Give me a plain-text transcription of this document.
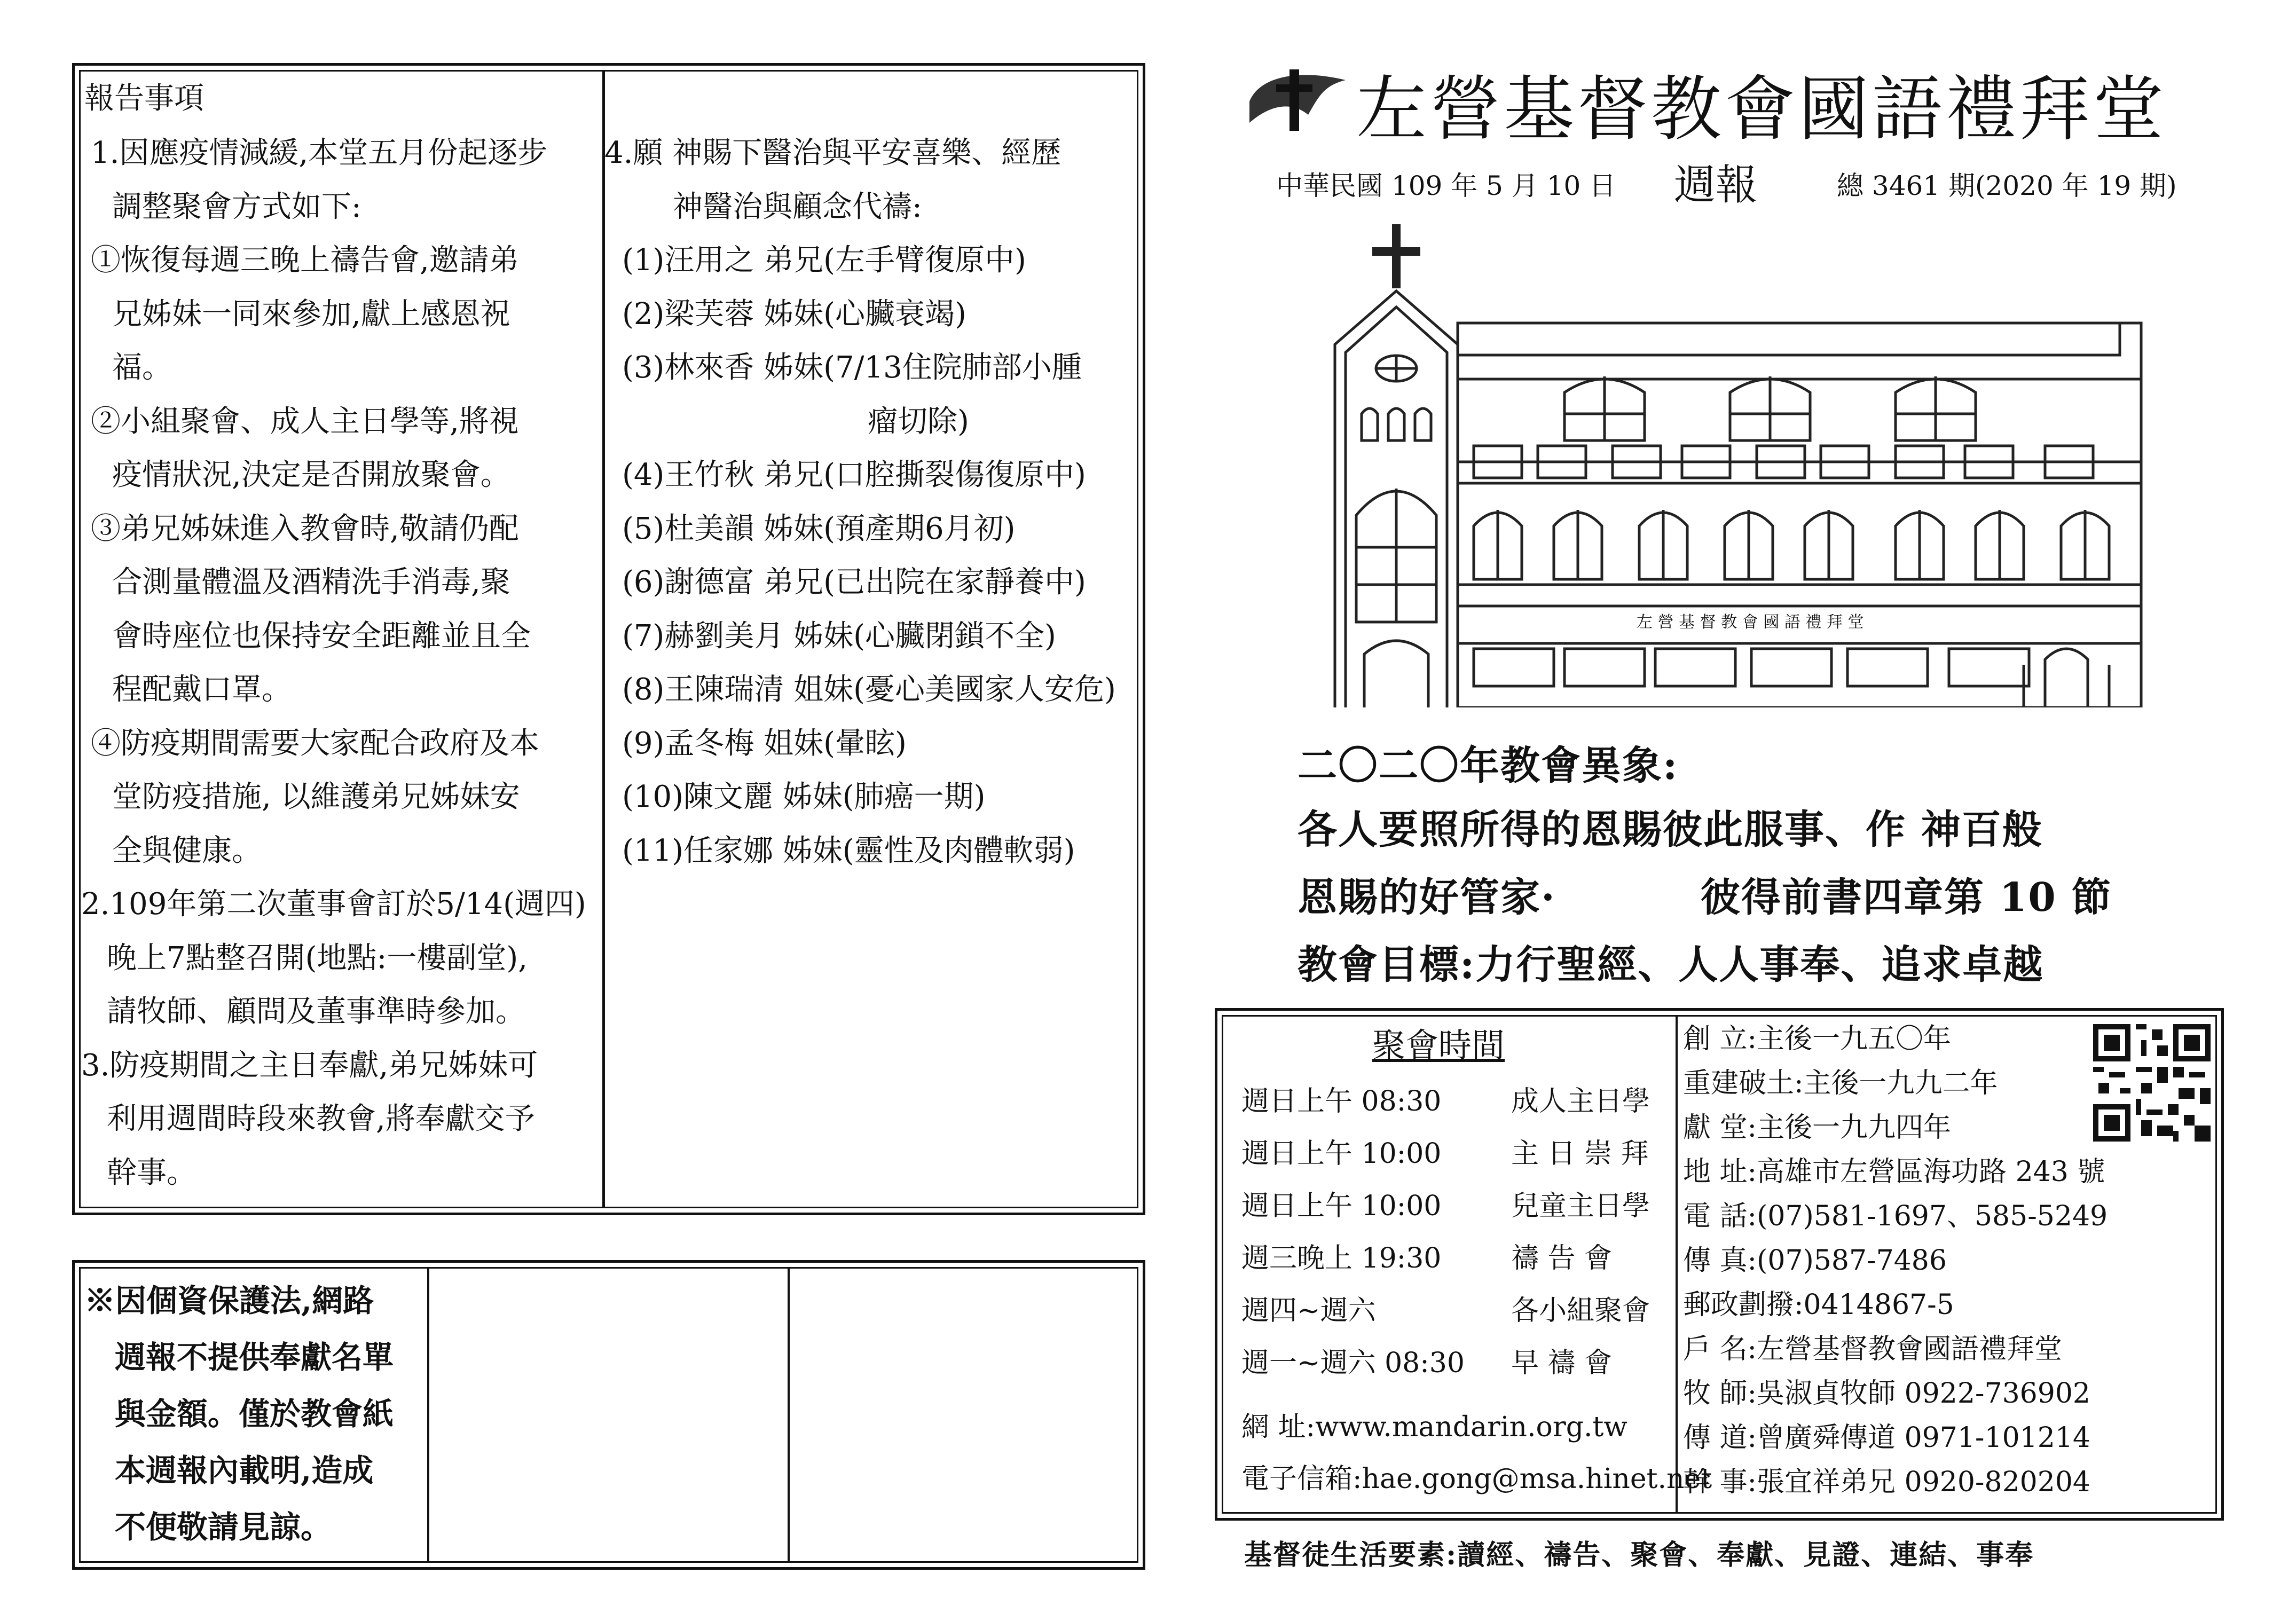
報告事項
1.因應疫情減緩,本堂五月份起逐步
調整聚會方式如下:
①恢復每週三晚上禱告會,邀請弟
兄姊妹一同來參加,獻上感恩祝
福。
②小組聚會、成人主日學等,將視
疫情狀況,決定是否開放聚會。
③弟兄姊妹進入教會時,敬請仍配
合測量體溫及酒精洗手消毒,聚
會時座位也保持安全距離並且全
程配戴口罩。
④防疫期間需要大家配合政府及本
堂防疫措施, 以維護弟兄姊妹安
全與健康。
2.109年第二次董事會訂於5/14(週四)
晚上7點整召開(地點:一樓副堂),
請牧師、顧問及董事準時參加。
3.防疫期間之主日奉獻,弟兄姊妹可
利用週間時段來教會,將奉獻交予
幹事。
4.願 神賜下醫治與平安喜樂、經歷
神醫治與顧念代禱:
(1)汪用之 弟兄(左手臂復原中)
(2)梁芙蓉 姊妹(心臟衰竭)
(3)林來香 姊妹(7/13住院肺部小腫
瘤切除)
(4)王竹秋 弟兄(口腔撕裂傷復原中)
(5)杜美韻 姊妹(預產期6月初)
(6)謝德富 弟兄(已出院在家靜養中)
(7)赫劉美月 姊妹(心臟閉鎖不全)
(8)王陳瑞清 姐妹(憂心美國家人安危)
(9)孟冬梅 姐妹(暈眩)
(10)陳文麗 姊妹(肺癌一期)
(11)任家娜 姊妹(靈性及肉體軟弱)
※因個資保護法,網路
週報不提供奉獻名單
與金額。僅於教會紙
本週報內載明,造成
不便敬請見諒。
左營基督教會國語禮拜堂
中華民國 109 年 5 月 10 日 週報	總 3461 期(2020 年 19 期)
左 營 基 督 教 會 國 語 禮 拜 堂
二〇二〇年教會異象:
各人要照所得的恩賜彼此服事、作 神百般
恩賜的好管家·	彼得前書四章第 10 節
教會目標:力行聖經、人人事奉、追求卓越
聚會時間
週日上午 08:30	成人主日學
週日上午 10:00	主 日 崇 拜
週日上午 10:00	兒童主日學
週三晚上 19:30	禱 告 會
週四~週六	各小組聚會
週一~週六 08:30 早 禱 會
網 址:www.mandarin.org.tw
電子信箱:hae.gong@msa.hinet.net
創 立:主後一九五〇年
重建破土:主後一九九二年
獻 堂:主後一九九四年
地 址:高雄市左營區海功路 243 號
電 話:(07)581-1697、585-5249
傳 真:(07)587-7486
郵政劃撥:0414867-5
戶 名:左營基督教會國語禮拜堂
牧 師:吳淑貞牧師 0922-736902
傳 道:曾廣舜傳道 0971-101214
幹 事:張宜祥弟兄 0920-820204
基督徒生活要素:讀經、禱告、聚會、奉獻、見證、連結、事奉
